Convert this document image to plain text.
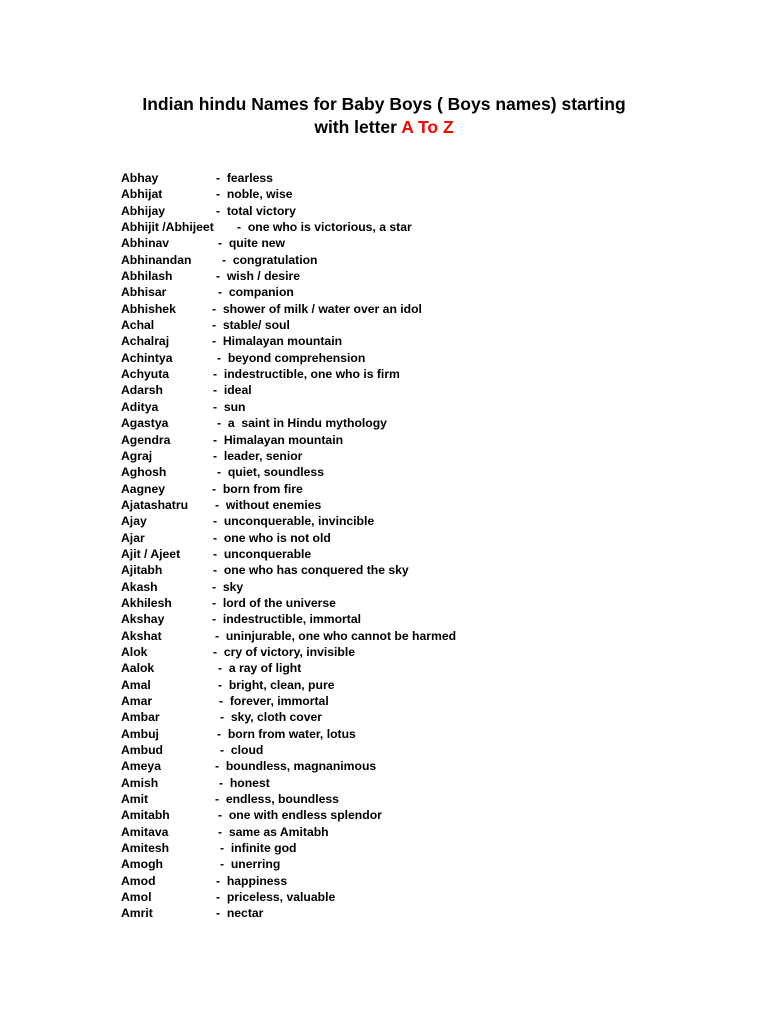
Indian hindu Names for Baby Boys ( Boys names) starting
with letter A To Z
Abhay	-  fearless
Abhijat	-  noble, wise
Abhijay	-  total victory
Abhijit /Abhijeet -  one who is victorious, a star
Abhinav	-  quite new
Abhinandan	-  congratulation
Abhilash	-  wish / desire
Abhisar	-  companion
Abhishek	-  shower of milk / water over an idol
Achal	-  stable/ soul
Achalraj	-  Himalayan mountain
Achintya	-  beyond comprehension
Achyuta	-  indestructible, one who is firm
Adarsh	-  ideal
Aditya	-  sun
Agastya	-  a  saint in Hindu mythology
Agendra	-  Himalayan mountain
Agraj	-  leader, senior
Aghosh	-  quiet, soundless
Aagney	-  born from fire
Ajatashatru -  without enemies
Ajay	-  unconquerable, invincible
Ajar	-  one who is not old
Ajit / Ajeet	-  unconquerable
Ajitabh	-  one who has conquered the sky
Akash	-  sky
Akhilesh	-  lord of the universe
Akshay	-  indestructible, immortal
Akshat	-  uninjurable, one who cannot be harmed
Alok	-  cry of victory, invisible
Aalok	-  a ray of light
Amal	-  bright, clean, pure
Amar	-  forever, immortal
Ambar	-  sky, cloth cover
Ambuj	-  born from water, lotus
Ambud	-  cloud
Ameya	-  boundless, magnanimous
Amish	-  honest
Amit	-  endless, boundless
Amitabh	-  one with endless splendor
Amitava	-  same as Amitabh
Amitesh	-  infinite god
Amogh	-  unerring
Amod	-  happiness
Amol	-  priceless, valuable
Amrit	-  nectar
